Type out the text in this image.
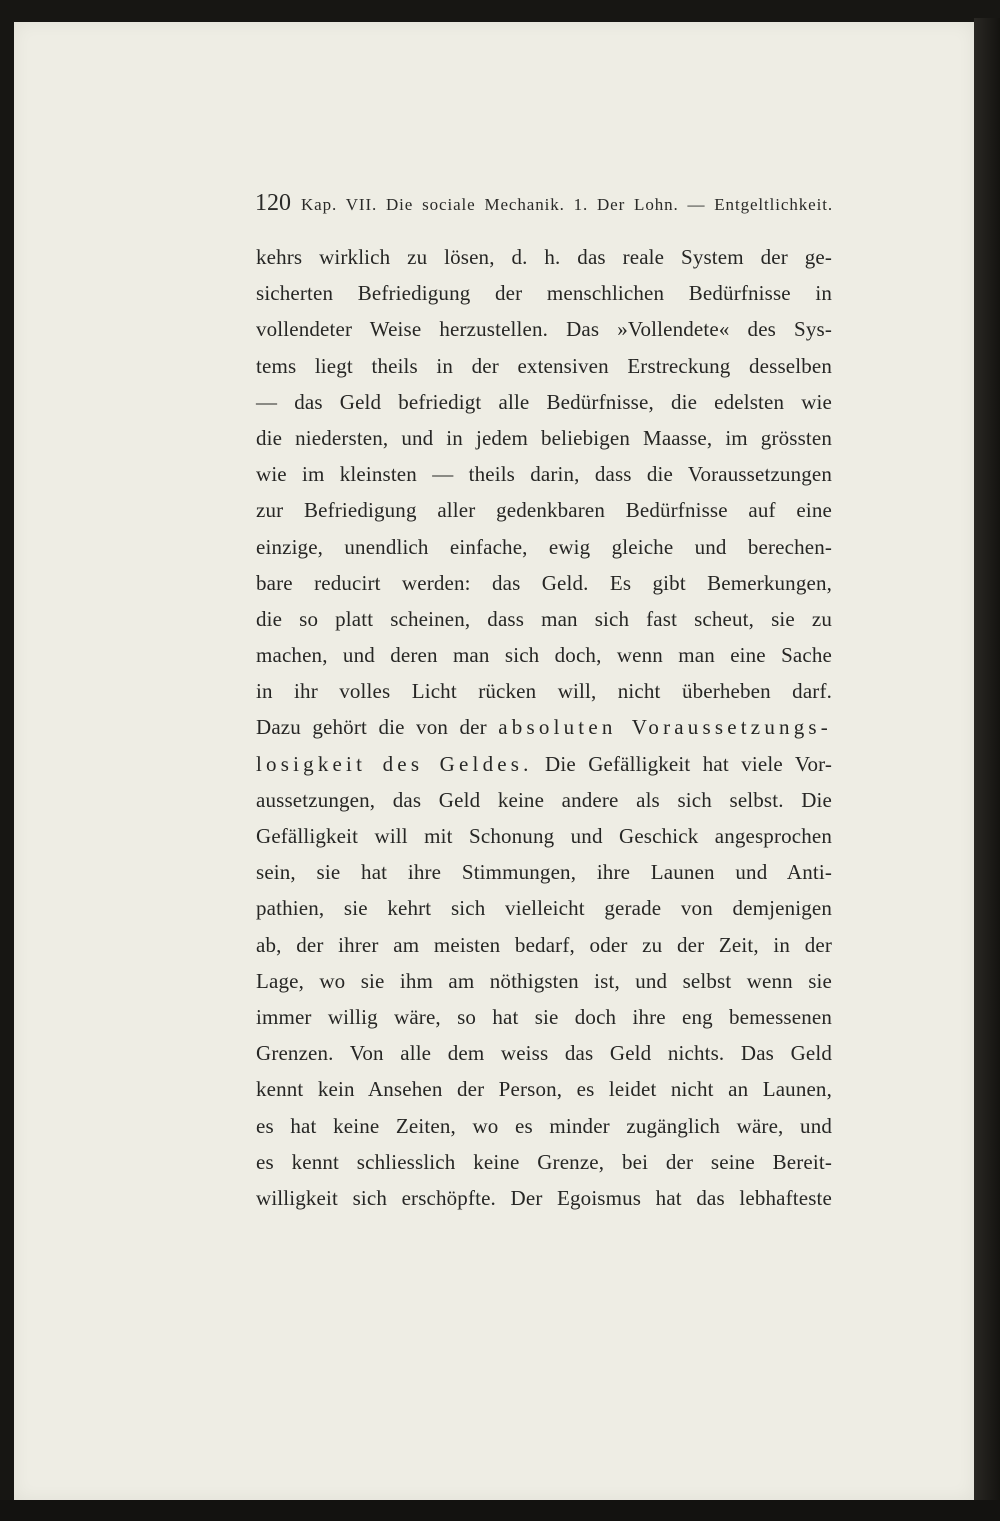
120 Kap. VII. Die sociale Mechanik. 1. Der Lohn. — Entgeltlichkeit.
kehrs wirklich zu lösen, d. h. das reale System der ge-
sicherten Befriedigung der menschlichen Bedürfnisse in
vollendeter Weise herzustellen. Das »Vollendete« des Sys-
tems liegt theils in der extensiven Erstreckung desselben
— das Geld befriedigt alle Bedürfnisse, die edelsten wie
die niedersten, und in jedem beliebigen Maasse, im grössten
wie im kleinsten — theils darin, dass die Voraussetzungen
zur Befriedigung aller gedenkbaren Bedürfnisse auf eine
einzige, unendlich einfache, ewig gleiche und berechen-
bare reducirt werden: das Geld. Es gibt Bemerkungen,
die so platt scheinen, dass man sich fast scheut, sie zu
machen, und deren man sich doch, wenn man eine Sache
in ihr volles Licht rücken will, nicht überheben darf.
Dazu gehört die von der absoluten Voraussetzungs-
losigkeit des Geldes. Die Gefälligkeit hat viele Vor-
aussetzungen, das Geld keine andere als sich selbst. Die
Gefälligkeit will mit Schonung und Geschick angesprochen
sein, sie hat ihre Stimmungen, ihre Launen und Anti-
pathien, sie kehrt sich vielleicht gerade von demjenigen
ab, der ihrer am meisten bedarf, oder zu der Zeit, in der
Lage, wo sie ihm am nöthigsten ist, und selbst wenn sie
immer willig wäre, so hat sie doch ihre eng bemessenen
Grenzen. Von alle dem weiss das Geld nichts. Das Geld
kennt kein Ansehen der Person, es leidet nicht an Launen,
es hat keine Zeiten, wo es minder zugänglich wäre, und
es kennt schliesslich keine Grenze, bei der seine Bereit-
willigkeit sich erschöpfte. Der Egoismus hat das lebhafteste
